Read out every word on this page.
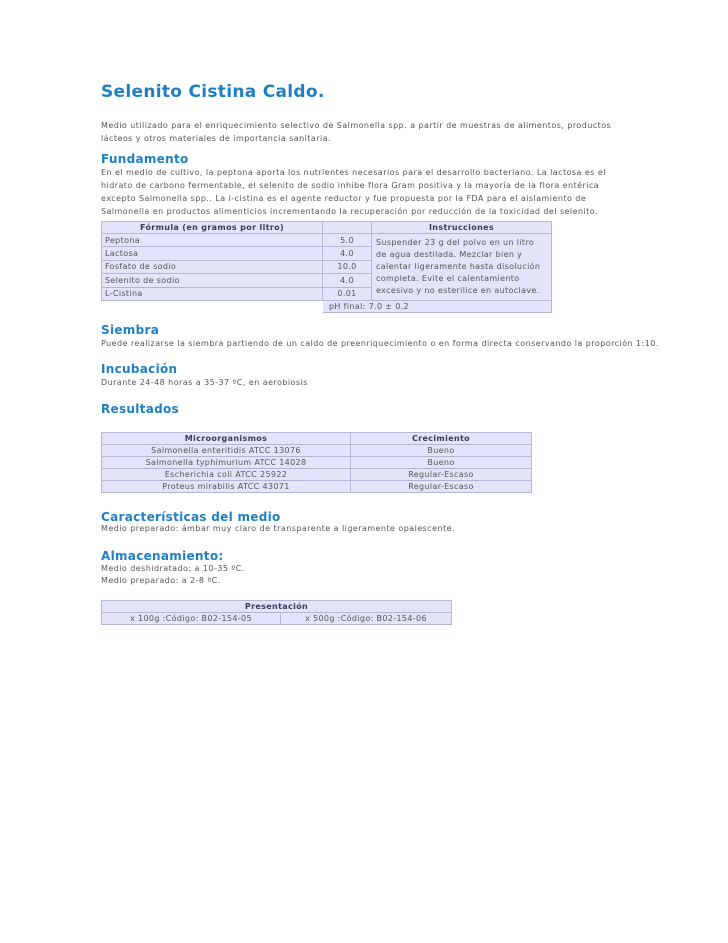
Selenito Cistina Caldo.
Medio utilizado para el enriquecimiento selectivo de Salmonella spp. a partir de muestras de alimentos, productos lácteos y otros materiales de importancia sanitaria.
Fundamento
En el medio de cultivo, la peptona aporta los nutrientes necesarios para el desarrollo bacteriano. La lactosa es el hidrato de carbono fermentable, el selenito de sodio inhibe flora Gram positiva y la mayoría de la flora entérica excepto Salmonella spp.. La l-cistina es el agente reductor y fue propuesta por la FDA para el aislamiento de Salmonella en productos alimenticios incrementando la recuperación por reducción de la toxicidad del selenito.
Fórmula (en gramos por litro)		Instrucciones
Peptona	5.0	Suspender 23 g del polvo en un litro de agua destilada. Mezclar bien y calentar ligeramente hasta disolución completa. Evite el calentamiento excesivo y no esterilice en autoclave.
Lactosa	4.0	
Fosfato de sodio	10.0	
Selenito de sodio	4.0	
L-Cistina	0.01	
	pH final: 7.0 ± 0.2	
Siembra
Puede realizarse la siembra partiendo de un caldo de preenriquecimiento o en forma directa conservando la proporción 1:10.
Incubación
Durante 24-48 horas a 35-37 ºC, en aerobiosis
Resultados
Microorganismos	Crecimiento
Salmonella enteritidis ATCC 13076	Bueno
Salmonella typhimurium ATCC 14028	Bueno
Escherichia coli ATCC 25922	Regular-Escaso
Proteus mirabilis ATCC 43071	Regular-Escaso
Características del medio
Medio preparado: ámbar muy claro de transparente a ligeramente opalescente.
Almacenamiento:
Medio deshidratado: a 10-35 ºC.
Medio preparado: a 2-8 ºC.
Presentación
x 100g :Código: B02-154-05	x 500g :Código: B02-154-06
